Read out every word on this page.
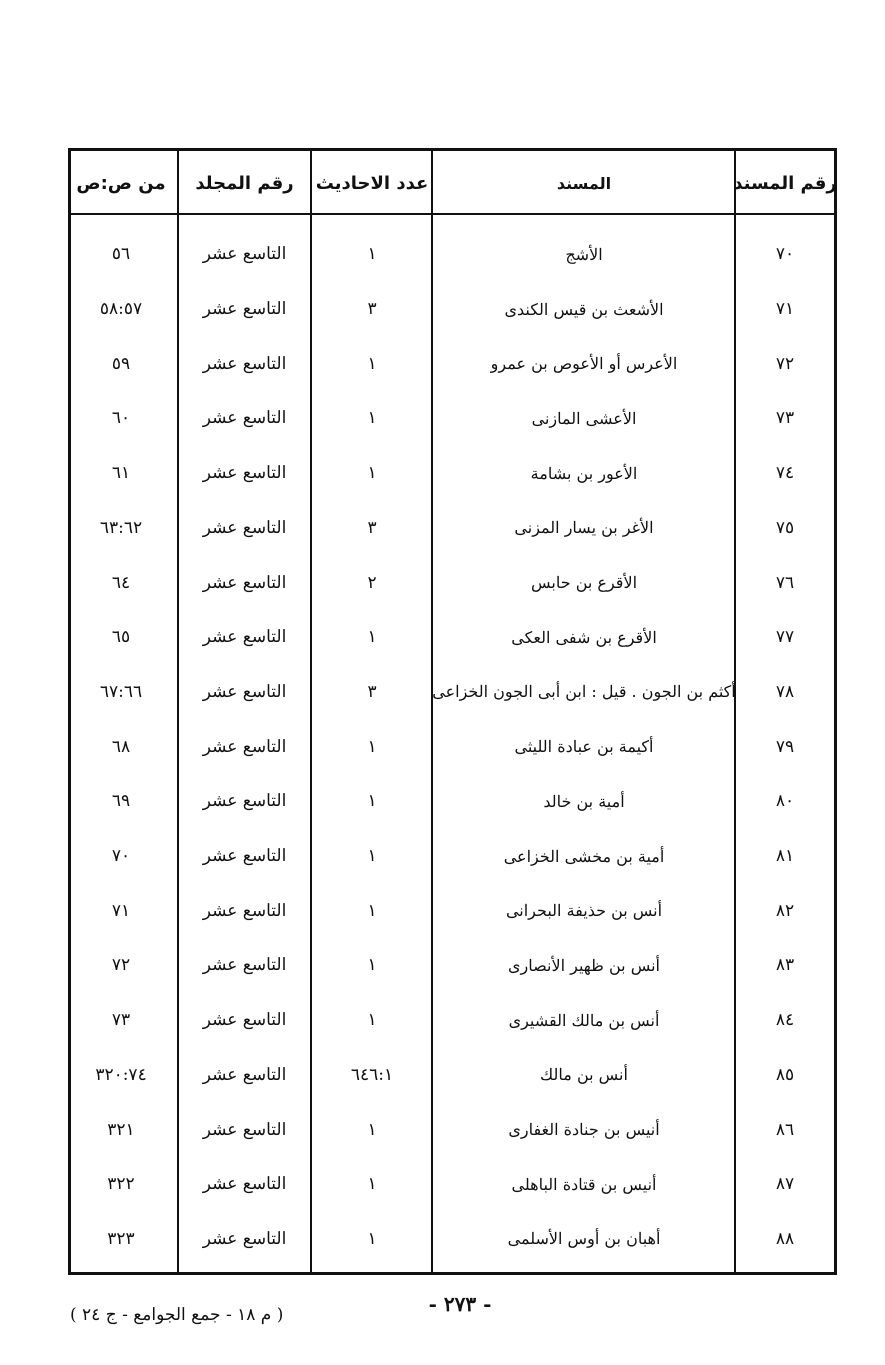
رقم المسند
المسند
عدد الاحاديث
رقم المجلد
من ص:ص
٧٠
الأشج
١
التاسع عشر
٥٦
٧١
الأشعث بن قيس الكندى
٣
التاسع عشر
٥٨:٥٧
٧٢
الأعرس أو الأعوص بن عمرو
١
التاسع عشر
٥٩
٧٣
الأعشى المازنى
١
التاسع عشر
٦٠
٧٤
الأعور بن بشامة
١
التاسع عشر
٦١
٧٥
الأغر بن يسار المزنى
٣
التاسع عشر
٦٣:٦٢
٧٦
الأقرع بن حابس
٢
التاسع عشر
٦٤
٧٧
الأقرع بن شفى العكى
١
التاسع عشر
٦٥
٧٨
أكثم بن الجون . قيل : ابن أبى الجون الخزاعى
٣
التاسع عشر
٦٧:٦٦
٧٩
أكيمة بن عبادة الليثى
١
التاسع عشر
٦٨
٨٠
أمية بن خالد
١
التاسع عشر
٦٩
٨١
أمية بن مخشى الخزاعى
١
التاسع عشر
٧٠
٨٢
أنس بن حذيفة البحرانى
١
التاسع عشر
٧١
٨٣
أنس بن ظهير الأنصارى
١
التاسع عشر
٧٢
٨٤
أنس بن مالك القشيرى
١
التاسع عشر
٧٣
٨٥
أنس بن مالك
٦٤٦:١
التاسع عشر
٣٢٠:٧٤
٨٦
أنيس بن جنادة الغفارى
١
التاسع عشر
٣٢١
٨٧
أنيس بن قتادة الباهلى
١
التاسع عشر
٣٢٢
٨٨
أهبان بن أوس الأسلمى
١
التاسع عشر
٣٢٣
- ٢٧٣ -
( م ١٨ - جمع الجوامع - ج ٢٤ )
